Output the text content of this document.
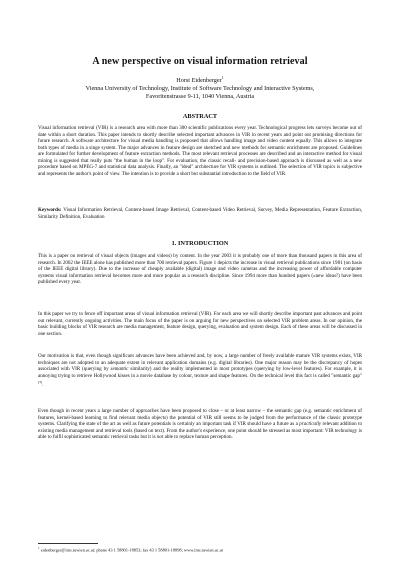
A new perspective on visual information retrieval
Horst Eidenberger$^1$
Vienna University of Technology, Institute of Software Technology and Interactive Systems,
Favoritenstrasse 9-11, 1040 Vienna, Austria
ABSTRACT

Visual information retrieval (VIR) is a research area with more than 300 scientific publications every year. Technological progress lets surveys become out of date within a short duration. This paper intends to shortly describe selected important advances in VIR in recent years and point out promising directions for future research. A software architecture for visual media handling is proposed that allows handling image and video content equally. This allows to integrate both types of media in a singe system. The major advances in feature design are sketched and new methods for semantic enrichment are proposed. Guidelines are formulated for further development of feature extraction methods. The most relevant retrieval processes are described and an interactive method for visual mining is suggested that really puts "the human in the loop". For evaluation, the classic recall- and precision-based approach is discussed as well as a new procedure based on MPEG-7 and statistical data analysis. Finally, an "ideal" architecture for VIR systems is outlined. The selection of VIR topics is subjective and represents the author's point of view. The intention is to provide a short but substantial introduction to the field of VIR.

Keywords: Visual Information Retrieval, Content-based Image Retrieval, Content-based Video Retrieval, Survey, Media Representation, Feature Extraction, Similarity Definition, Evaluation

1. INTRODUCTION

This is a paper on retrieval of visual objects (images and videos) by content. In the year 2003 it is probably one of more than thousand papers in this area of research. In 2002 the IEEE alone has published more than 700 retrieval papers. Figure 1 depicts the increase in visual retrieval publications since 1981 (on basis of the IEEE digital library). Due to the increase of cheaply available (digital) image and video cameras and the increasing power of affordable computer systems visual information retrieval becomes more and more popular as a research discipline. Since 1994 more than hundred papers (»new ideas?) have been published every year.

In this paper we try to fence off important areas of visual information retrieval (VIR). For each area we will shortly describe important past advances and point out relevant, currently ongoing activities. The main focus of the paper is on arguing for new perspectives on selected VIR problem areas. In our opinion, the basic building blocks of VIR research are media management, feature design, querying, evaluation and system design. Each of these areas will be discussed in one section.

Our motivation is that, even though significant advances have been achieved and, by now, a large number of freely available mature VIR systems exists, VIR techniques are not adopted to an adequate extent in relevant application domains (e.g. digital libraries). One major reason may be the discrepancy of hopes associated with VIR (querying by semantic similarity) and the reality implemented in most prototypes (querying by low-level features). For example, it is annoying trying to retrieve Hollywood kisses in a movie database by colour, texture and shape features. On the technical level this fact is called "semantic gap"[3].

Even though in recent years a large number of approaches have been proposed to close – or at least narrow – the semantic gap (e.g. semantic enrichment of features, kernel-based learning to find relevant media objects) the potential of VIR still seems to be judged from the performance of the classic prototype systems. Clarifying the state of the art as well as future potentials is certainly an important task if VIR should have a future as a practically relevant addition to existing media management and retrieval tools (based on text). From the author's experience, one point should be stressed as most important: VIR technology is able to fulfil sophisticated semantic retrieval tasks but it is not able to replace human perception.

$^1$ eidenberger@ims.tuwien.ac.at; phone 43 1 58801-18853; fax 43 1 58801-18898; www.ims.tuwien.ac.at
